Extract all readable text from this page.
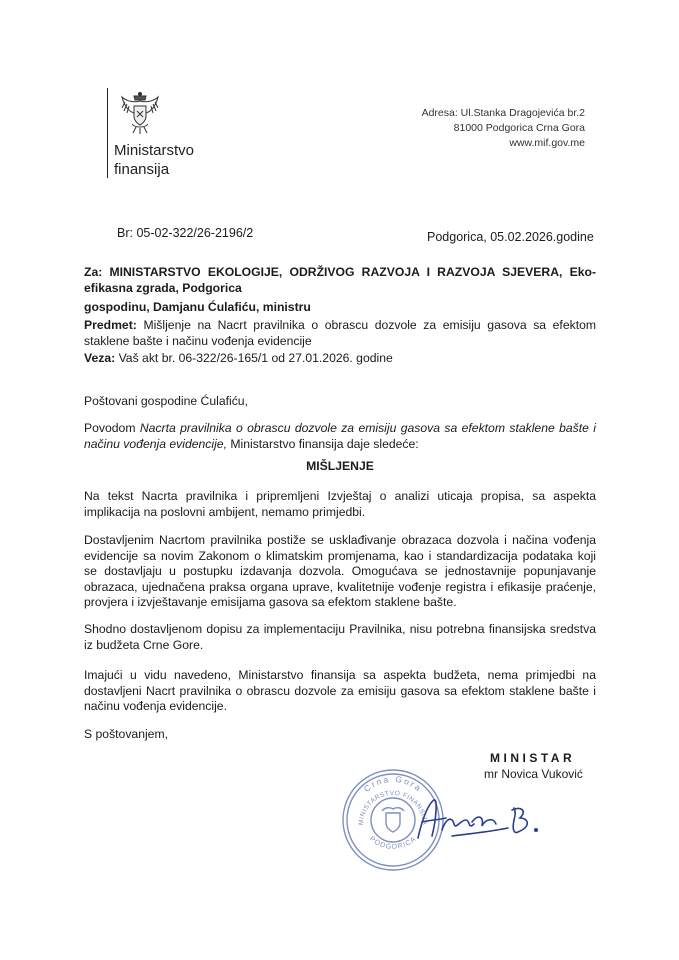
Ministarstvo
finansija
Adresa: Ul.Stanka Dragojevića br.2
81000 Podgorica Crna Gora
www.mif.gov.me
Br: 05-02-322/26-2196/2	Podgorica, 05.02.2026.godine
Za: MINISTARSTVO EKOLOGIJE, ODRŽIVOG RAZVOJA I RAZVOJA SJEVERA, Eko-
efikasna zgrada, Podgorica
gospodinu, Damjanu Ćulafiću, ministru
Predmet: Mišljenje na Nacrt pravilnika o obrascu dozvole za emisiju gasova sa efektom
staklene bašte i načinu vođenja evidencije
Veza: Vaš akt br. 06-322/26-165/1 od 27.01.2026. godine
Poštovani gospodine Ćulafiću,
Povodom Nacrta pravilnika o obrascu dozvole za emisiju gasova sa efektom staklene bašte i
načinu vođenja evidencije, Ministarstvo finansija daje sledeće:
MIŠLJENJE
Na tekst Nacrta pravilnika i pripremljeni Izvještaj o analizi uticaja propisa, sa aspekta
implikacija na poslovni ambijent, nemamo primjedbi.
Dostavljenim Nacrtom pravilnika postiže se usklađivanje obrazaca dozvola i načina vođenja
evidencije sa novim Zakonom o klimatskim promjenama, kao i standardizacija podataka koji
se dostavljaju u postupku izdavanja dozvola. Omogućava se jednostavnije popunjavanje
obrazaca, ujednačena praksa organa uprave, kvalitetnije vođenje registra i efikasije praćenje,
provjera i izvještavanje emisijama gasova sa efektom staklene bašte.
Shodno dostavljenom dopisu za implementaciju Pravilnika, nisu potrebna finansijska sredstva
iz budžeta Crne Gore.
Imajući u vidu navedeno, Ministarstvo finansija sa aspekta budžeta, nema primjedbi na
dostavljeni Nacrt pravilnika o obrascu dozvole za emisiju gasova sa efektom staklene bašte i
načinu vođenja evidencije.
S poštovanjem,
MINISTAR
mr Novica Vuković
Crna Gora
MINISTARSTVO FINANSIJA
PODGORICA
